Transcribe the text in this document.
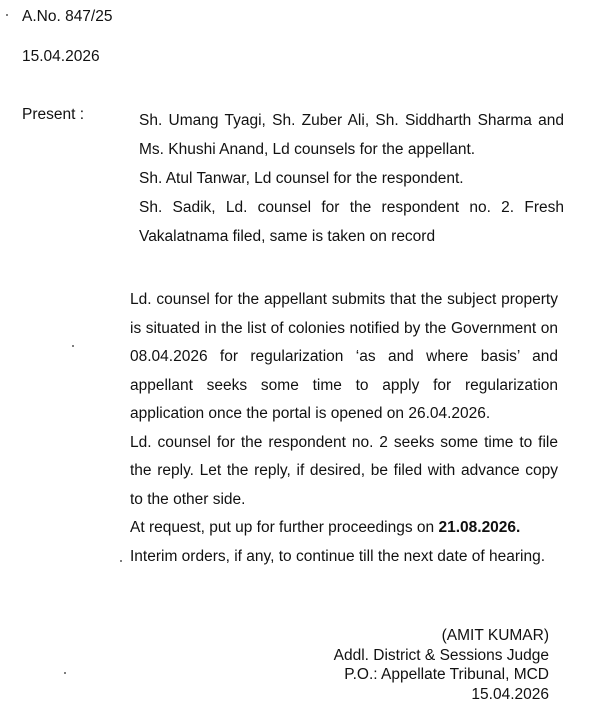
A.No. 847/25
15.04.2026
Present :	Sh. Umang Tyagi, Sh. Zuber Ali, Sh. Siddharth Sharma and Ms. Khushi Anand, Ld counsels for the appellant.

Sh. Atul Tanwar, Ld counsel for the respondent.

Sh. Sadik, Ld. counsel for the respondent no. 2. Fresh Vakalatnama filed, same is taken on record

Ld. counsel for the appellant submits that the subject property is situated in the list of colonies notified by the Government on 08.04.2026 for regularization ‘as and where basis’ and appellant seeks some time to apply for regularization application once the portal is opened on 26.04.2026.

Ld. counsel for the respondent no. 2 seeks some time to file the reply. Let the reply, if desired, be filed with advance copy to the other side.

At request, put up for further proceedings on 21.08.2026.

Interim orders, if any, to continue till the next date of hearing.

(AMIT KUMAR)
Addl. District & Sessions Judge
P.O.: Appellate Tribunal, MCD
15.04.2026
